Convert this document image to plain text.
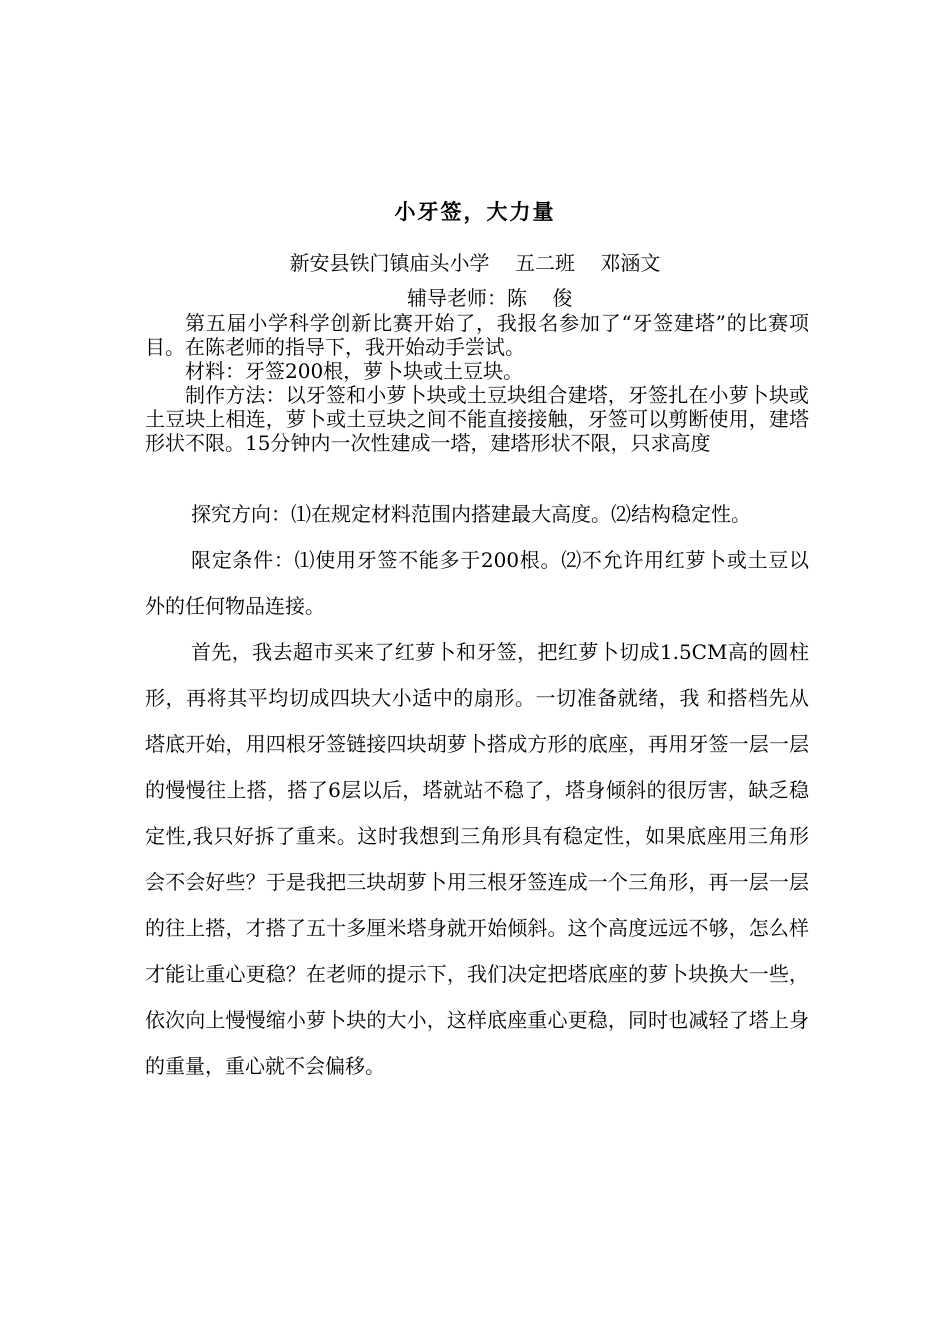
小牙签，大力量
新安县铁门镇庙头小学    五二班    邓涵文
辅导老师：陈    俊

第五届小学科学创新比赛开始了，我报名参加了“牙签建塔”的比赛项目。在陈老师的指导下，我开始动手尝试。

材料：牙签200根，萝卜块或土豆块。

制作方法：以牙签和小萝卜块或土豆块组合建塔，牙签扎在小萝卜块或土豆块上相连，萝卜或土豆块之间不能直接接触，牙签可以剪断使用，建塔形状不限。15分钟内一次性建成一塔，建塔形状不限，只求高度

探究方向：⑴在规定材料范围内搭建最大高度。⑵结构稳定性。

限定条件：⑴使用牙签不能多于200根。⑵不允许用红萝卜或土豆以外的任何物品连接。

首先，我去超市买来了红萝卜和牙签，把红萝卜切成1.5CM高的圆柱形，再将其平均切成四块大小适中的扇形。一切准备就绪，我 和搭档先从塔底开始，用四根牙签链接四块胡萝卜搭成方形的底座，再用牙签一层一层的慢慢往上搭，搭了6层以后，塔就站不稳了，塔身倾斜的很厉害，缺乏稳定性,我只好拆了重来。这时我想到三角形具有稳定性，如果底座用三角形会不会好些？于是我把三块胡萝卜用三根牙签连成一个三角形，再一层一层的往上搭，才搭了五十多厘米塔身就开始倾斜。这个高度远远不够，怎么样才能让重心更稳？在老师的提示下，我们决定把塔底座的萝卜块换大一些，依次向上慢慢缩小萝卜块的大小，这样底座重心更稳，同时也减轻了塔上身的重量，重心就不会偏移。
